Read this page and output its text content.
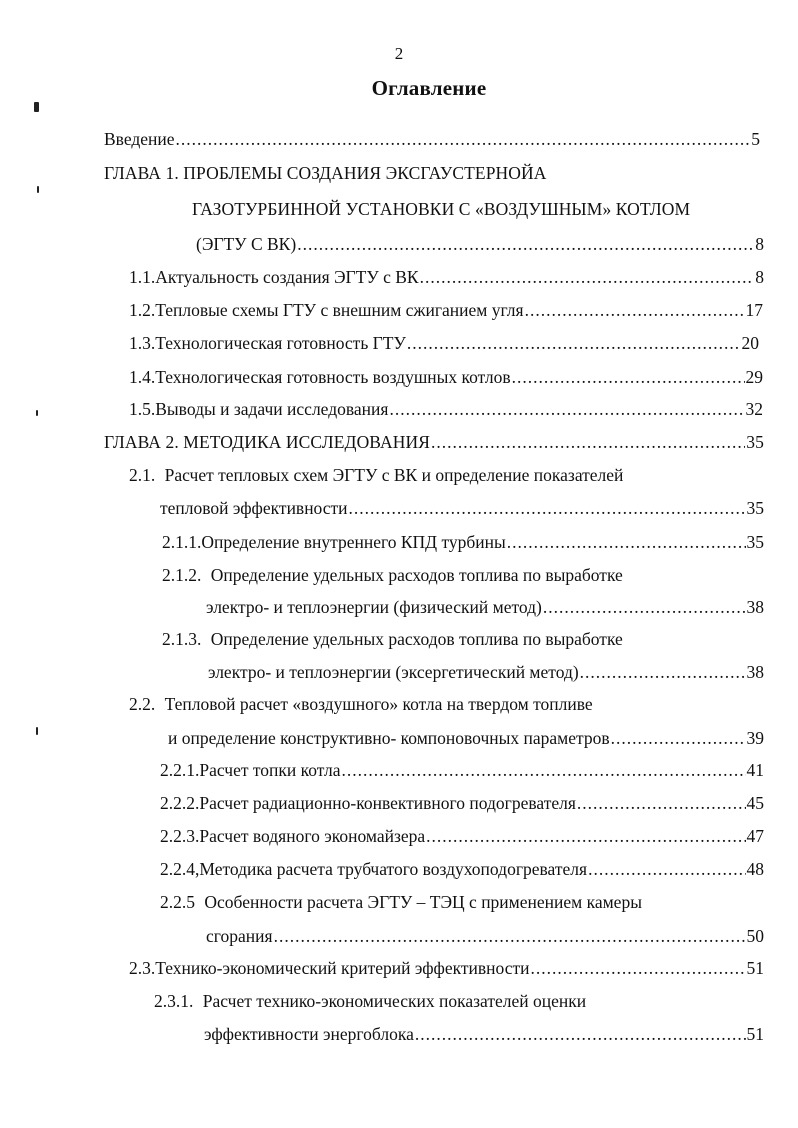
2
Оглавление
Введение .....	5
ГЛАВА 1. ПРОБЛЕМЫ СОЗДАНИЯ ЭКСГАУСТЕРНОЙА
ГАЗОТУРБИННОЙ УСТАНОВКИ С «ВОЗДУШНЫМ» КОТЛОМ
(ЭГТУ С ВК) .....	8
1.1. Актуальность создания ЭГТУ с ВК .....	8
1.2. Тепловые схемы ГТУ с внешним сжиганием угля .....	17
1.3. Технологическая готовность ГТУ .....	20
1.4. Технологическая готовность воздушных котлов .....	29
1.5. Выводы и задачи исследования .....	32
ГЛАВА 2. МЕТОДИКА ИССЛЕДОВАНИЯ .....	35
2.1. Расчет тепловых схем ЭГТУ с ВК и определение показателей
тепловой эффективности .....	35
2.1.1. Определение внутреннего КПД турбины .....	35
2.1.2. Определение удельных расходов топлива по выработке
электро- и теплоэнергии (физический метод) .....	38
2.1.3. Определение удельных расходов топлива по выработке
электро- и теплоэнергии (эксергетический метод) .....	38
2.2. Тепловой расчет «воздушного» котла на твердом топливе
и определение конструктивно- компоновочных параметров .....	39
2.2.1. Расчет топки котла .....	41
2.2.2. Расчет радиационно-конвективного подогревателя .....	45
2.2.3. Расчет водяного экономайзера .....	47
2.2.4, Методика расчета трубчатого воздухоподогревателя .....	48
2.2.5 Особенности расчета ЭГТУ – ТЭЦ с применением камеры
сгорания .....	50
2.3. Технико-экономический критерий эффективности .....	51
2.3.1. Расчет технико-экономических показателей оценки
эффективности энергоблока .....	51
